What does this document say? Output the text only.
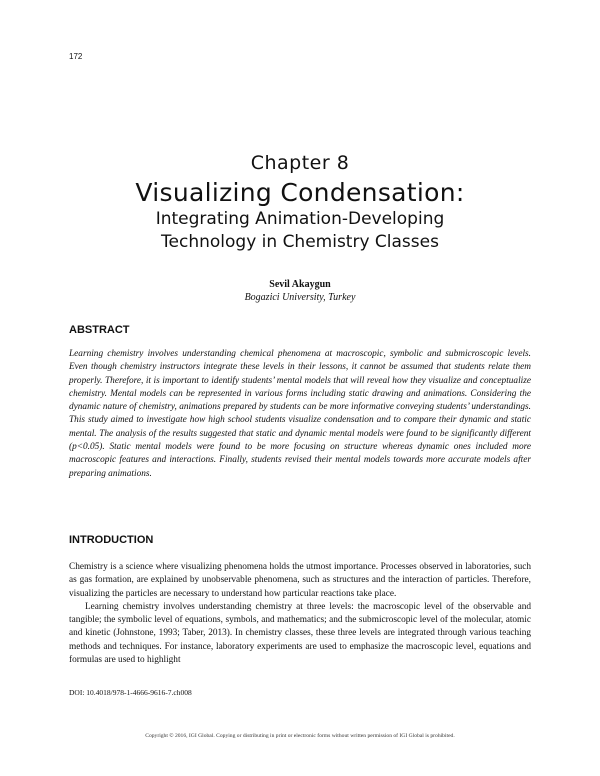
172
Chapter 8
Visualizing Condensation:
Integrating Animation-Developing
Technology in Chemistry Classes
Sevil Akaygun
Bogazici University, Turkey
ABSTRACT
Learning chemistry involves understanding chemical phenomena at macroscopic, symbolic and submicroscopic levels. Even though chemistry instructors integrate these levels in their lessons, it cannot be assumed that students relate them properly. Therefore, it is important to identify students’ mental models that will reveal how they visualize and conceptualize chemistry. Mental models can be represented in various forms including static drawing and animations. Considering the dynamic nature of chemistry, animations prepared by students can be more informative conveying students’ understandings. This study aimed to investigate how high school students visualize condensation and to compare their dynamic and static mental. The analysis of the results suggested that static and dynamic mental models were found to be significantly different (p<0.05). Static mental models were found to be more focusing on structure whereas dynamic ones included more macroscopic features and interactions. Finally, students revised their mental models towards more accurate models after preparing animations.
INTRODUCTION

Chemistry is a science where visualizing phenomena holds the utmost importance. Processes observed in laboratories, such as gas formation, are explained by unobservable phenomena, such as structures and the interaction of particles. Therefore, visualizing the particles are necessary to understand how particular reactions take place.

Learning chemistry involves understanding chemistry at three levels: the macroscopic level of the observable and tangible; the symbolic level of equations, symbols, and mathematics; and the submicroscopic level of the molecular, atomic and kinetic (Johnstone, 1993; Taber, 2013). In chemistry classes, these three levels are integrated through various teaching methods and techniques. For instance, laboratory experiments are used to emphasize the macroscopic level, equations and formulas are used to highlight

DOI: 10.4018/978-1-4666-9616-7.ch008
Copyright © 2016, IGI Global. Copying or distributing in print or electronic forms without written permission of IGI Global is prohibited.
